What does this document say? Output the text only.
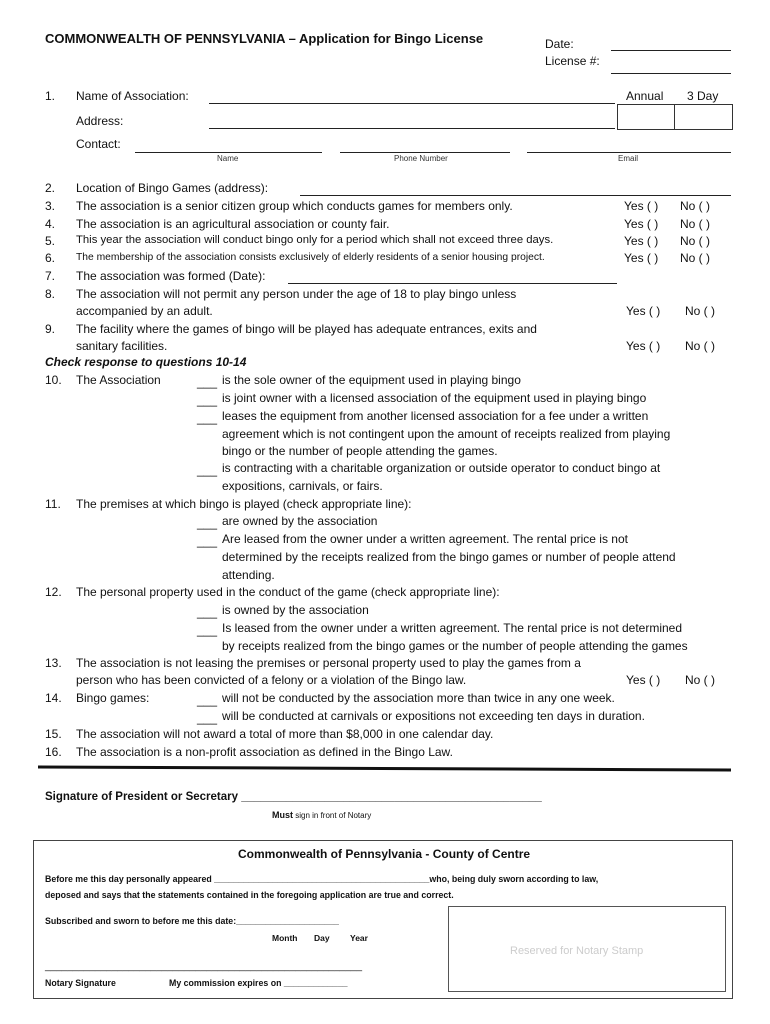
COMMONWEALTH OF PENNSYLVANIA – Application for Bingo License	Date:
License #:
1. Name of Association:	Annual 3 Day
Address:
Contact:
Name	Phone Number	Email
2. Location of Bingo Games (address):
3. The association is a senior citizen group which conducts games for members only.	Yes ( ) No ( )
4. The association is an agricultural association or county fair.	Yes ( ) No ( )
5. This year the association will conduct bingo only for a period which shall not exceed three days.	Yes ( ) No ( )
6. The membership of the association consists exclusively of elderly residents of a senior housing project.	Yes ( ) No ( )
7. The association was formed (Date):
8. The association will not permit any person under the age of 18 to play bingo unless
accompanied by an adult.	Yes ( ) No ( )
9. The facility where the games of bingo will be played has adequate entrances, exits and
sanitary facilities.	Yes ( ) No ( )
Check response to questions 10-14
10. The Association	___ is the sole owner of the equipment used in playing bingo
___ is joint owner with a licensed association of the equipment used in playing bingo
___ leases the equipment from another licensed association for a fee under a written
agreement which is not contingent upon the amount of receipts realized from playing
bingo or the number of people attending the games.
___ is contracting with a charitable organization or outside operator to conduct bingo at
expositions, carnivals, or fairs.
11. The premises at which bingo is played (check appropriate line):
___ are owned by the association
___ Are leased from the owner under a written agreement. The rental price is not
determined by the receipts realized from the bingo games or number of people attend
attending.
12. The personal property used in the conduct of the game (check appropriate line):
___ is owned by the association
___ Is leased from the owner under a written agreement. The rental price is not determined
by receipts realized from the bingo games or the number of people attending the games
13. The association is not leasing the premises or personal property used to play the games from a
person who has been convicted of a felony or a violation of the Bingo law.	Yes ( ) No ( )
14. Bingo games:	___ will not be conducted by the association more than twice in any one week.
___ will be conducted at carnivals or expositions not exceeding ten days in duration.
15. The association will not award a total of more than $8,000 in one calendar day.
16. The association is a non-profit association as defined in the Bingo Law.
Signature of President or Secretary _______________________________________________
Must sign in front of Notary
Commonwealth of Pennsylvania - County of Centre
Before me this day personally appeared ____________________________________________who, being duly sworn according to law,
deposed and says that the statements contained in the foregoing application are true and correct.
Subscribed and sworn to before me this date:_____________________
Month Day Year
Reserved for Notary Stamp
_________________________________________________________
Notary Signature	My commission expires on _____________
